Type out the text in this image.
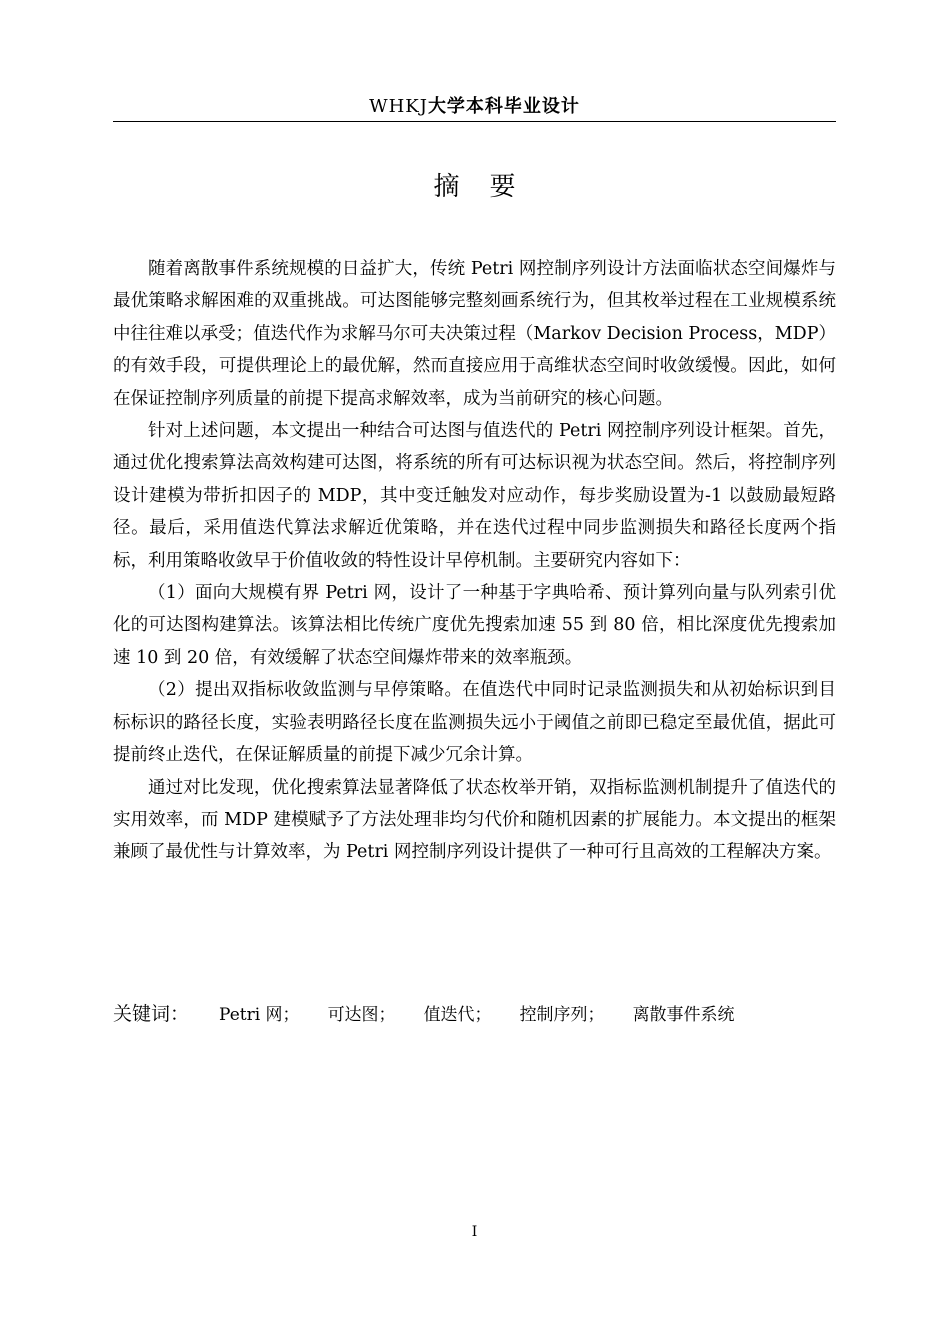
WHKJ大学本科毕业设计
摘要

随着离散事件系统规模的日益扩大，传统 Petri 网控制序列设计方法面临状态空间爆炸与最优策略求解困难的双重挑战。可达图能够完整刻画系统行为，但其枚举过程在工业规模系统中往往难以承受；值迭代作为求解马尔可夫决策过程（Markov Decision Process，MDP）的有效手段，可提供理论上的最优解，然而直接应用于高维状态空间时收敛缓慢。因此，如何在保证控制序列质量的前提下提高求解效率，成为当前研究的核心问题。

针对上述问题，本文提出一种结合可达图与值迭代的 Petri 网控制序列设计框架。首先，通过优化搜索算法高效构建可达图，将系统的所有可达标识视为状态空间。然后，将控制序列设计建模为带折扣因子的 MDP，其中变迁触发对应动作，每步奖励设置为-1 以鼓励最短路径。最后，采用值迭代算法求解近优策略，并在迭代过程中同步监测损失和路径长度两个指标，利用策略收敛早于价值收敛的特性设计早停机制。主要研究内容如下：

（1）面向大规模有界 Petri 网，设计了一种基于字典哈希、预计算列向量与队列索引优化的可达图构建算法。该算法相比传统广度优先搜索加速 55 到 80 倍，相比深度优先搜索加速 10 到 20 倍，有效缓解了状态空间爆炸带来的效率瓶颈。

（2）提出双指标收敛监测与早停策略。在值迭代中同时记录监测损失和从初始标识到目标标识的路径长度，实验表明路径长度在监测损失远小于阈值之前即已稳定至最优值，据此可提前终止迭代，在保证解质量的前提下减少冗余计算。

通过对比发现，优化搜索算法显著降低了状态枚举开销，双指标监测机制提升了值迭代的实用效率，而 MDP 建模赋予了方法处理非均匀代价和随机因素的扩展能力。本文提出的框架兼顾了最优性与计算效率，为 Petri 网控制序列设计提供了一种可行且高效的工程解决方案。

关键词： Petri 网； 可达图； 值迭代； 控制序列； 离散事件系统
I
